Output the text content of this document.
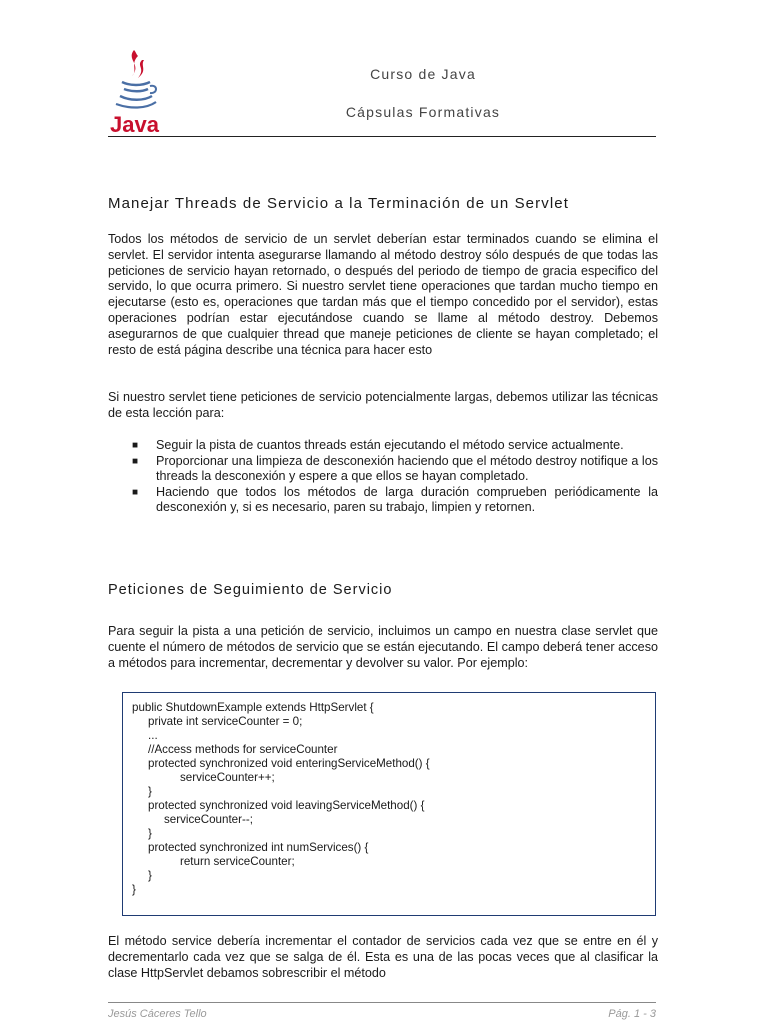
Java
Curso de Java
Cápsulas Formativas
Manejar Threads de Servicio a la Terminación de un Servlet

Todos los métodos de servicio de un servlet deberían estar terminados cuando se elimina el servlet. El servidor intenta asegurarse llamando al método destroy sólo después de que todas las peticiones de servicio hayan retornado, o después del periodo de tiempo de gracia especifico del servido, lo que ocurra primero. Si nuestro servlet tiene operaciones que tardan mucho tiempo en ejecutarse (esto es, operaciones que tardan más que el tiempo concedido por el servidor), estas operaciones podrían estar ejecutándose cuando se llame al método destroy. Debemos asegurarnos de que cualquier thread que maneje peticiones de cliente se hayan completado; el resto de está página describe una técnica para hacer esto

Si nuestro servlet tiene peticiones de servicio potencialmente largas, debemos utilizar las técnicas de esta lección para:

■ Seguir la pista de cuantos threads están ejecutando el método service actualmente.
■ Proporcionar una limpieza de desconexión haciendo que el método destroy notifique a los threads la desconexión y espere a que ellos se hayan completado.
■ Haciendo que todos los métodos de larga duración comprueben periódicamente la desconexión y, si es necesario, paren su trabajo, limpien y retornen.
Peticiones de Seguimiento de Servicio

Para seguir la pista a una petición de servicio, incluimos un campo en nuestra clase servlet que cuente el número de métodos de servicio que se están ejecutando. El campo deberá tener acceso a métodos para incrementar, decrementar y devolver su valor. Por ejemplo:

public ShutdownExample extends HttpServlet {
private int serviceCounter = 0;
...
//Access methods for serviceCounter
protected synchronized void enteringServiceMethod() {
serviceCounter++;
}
protected synchronized void leavingServiceMethod() {
serviceCounter--;
}
protected synchronized int numServices() {
return serviceCounter;
}
}

El método service debería incrementar el contador de servicios cada vez que se entre en él y decrementarlo cada vez que se salga de él. Esta es una de las pocas veces que al clasificar la clase HttpServlet debamos sobrescribir el método

Jesús Cáceres Tello	Pág. 1 - 3
